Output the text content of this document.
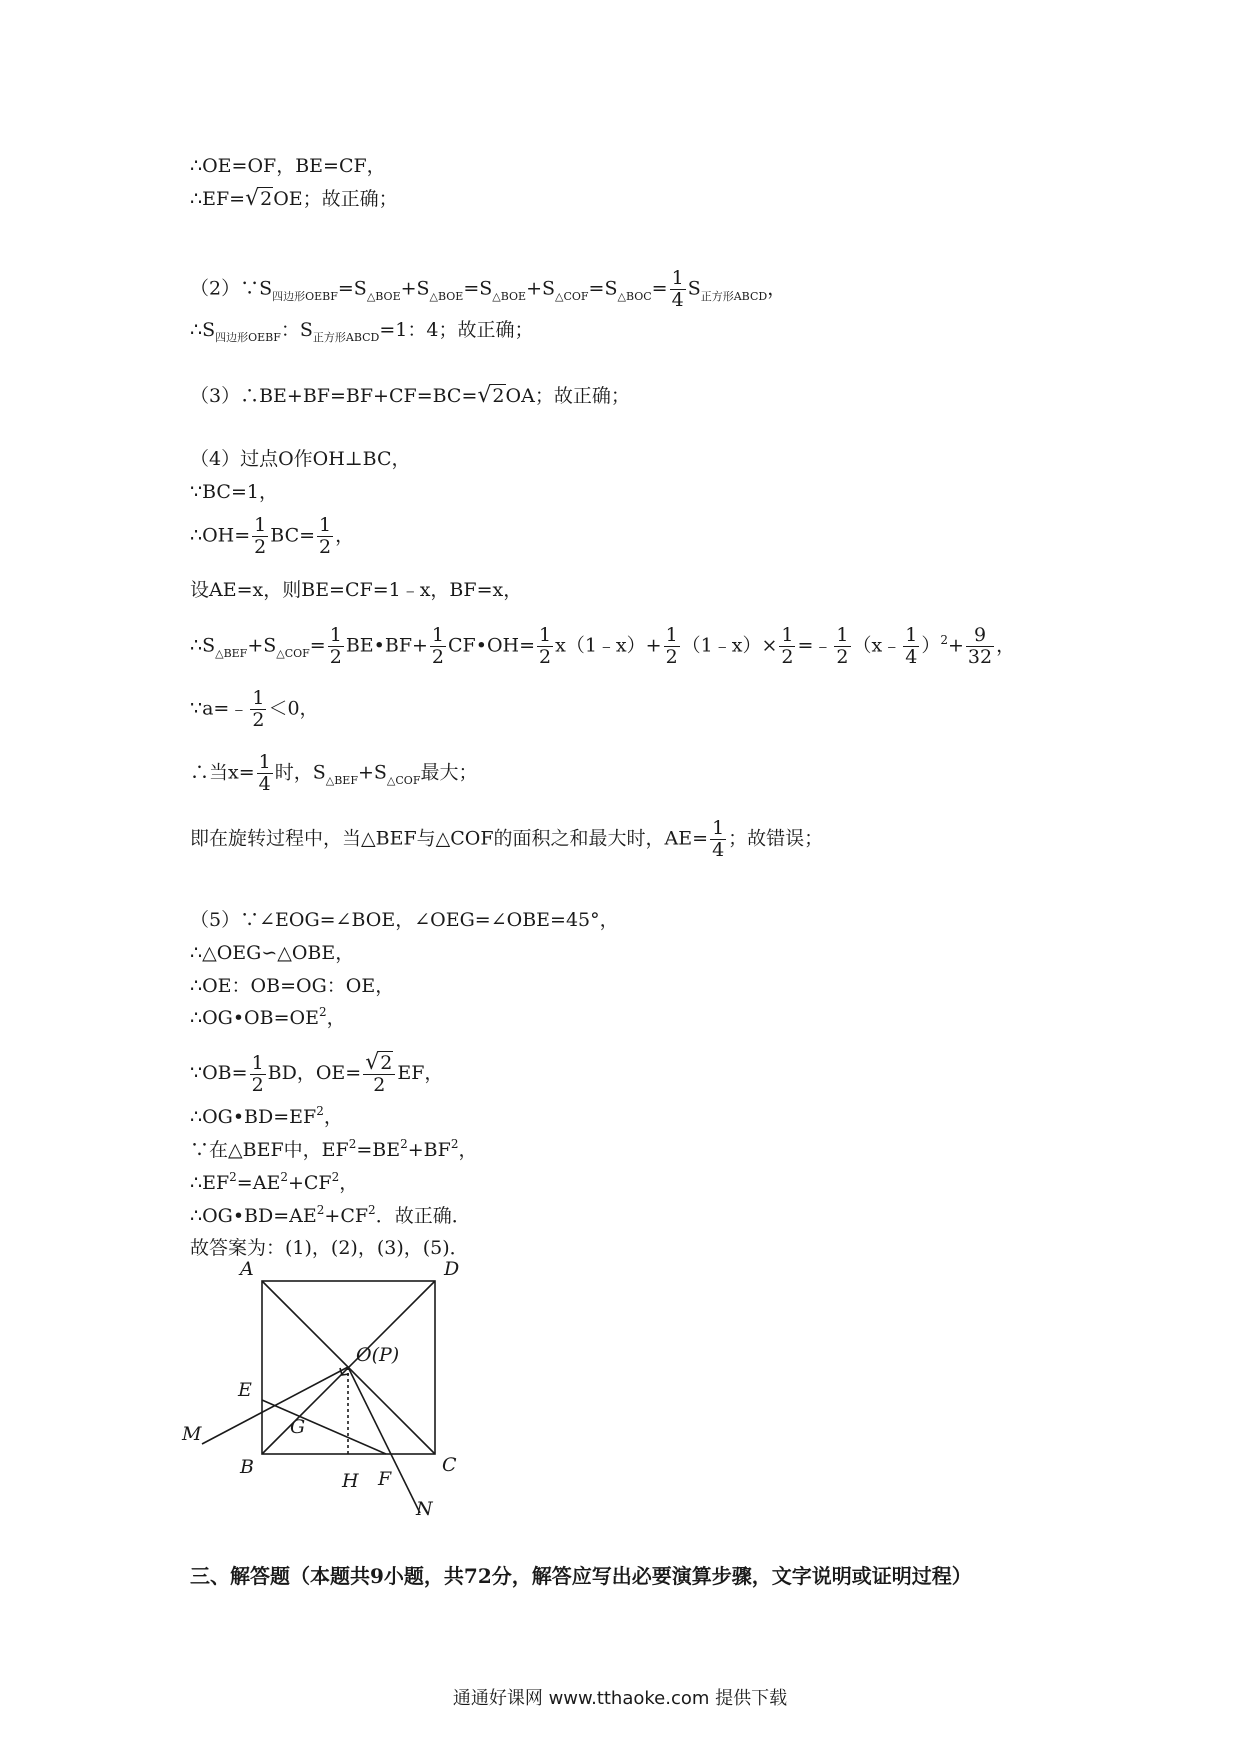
∴OE=OF，BE=CF，
∴EF=√2OE；故正确；
$(2)\because S_{四边形OEBF}=S_{\triangle BOE}+S_{\triangle BOE}=S_{\triangle BOE}+S_{\triangle COF}=S_{\triangle BOC}= \frac{1}{4} S_{正方形ABCD}$，
$\therefore S_{四边形OEBF}$：$S_{正方形ABCD}=1$：4；故正确；
（3）∴BE+BF=BF+CF=BC=√2OA；故正确；
（4）过点O作OH⊥BC，
∵BC=1，
∴OH= $\frac{1}{2} BC= \frac{1}{2}$ ，
设AE=x，则BE=CF=1﹣x，BF=x，
$\therefore S_{\triangle BEF}+S_{\triangle COF}= \frac{1}{2}$ BE•BF+ $\frac{1}{2}$ CF•OH= $\frac{1}{2}$ x（1﹣x）+ $\frac{1}{2}$ （1﹣x）× $\frac{1}{2}$ =﹣ $\frac{1}{2}$ （x﹣ $\frac{1}{4} )^2+ \frac{9}{32}$ ，
∵a=﹣ $\frac{1}{2} <0$，
∴当$x= \frac{1}{4}$ 时，$S_{\triangle BEF}+S_{\triangle COF}$最大；
即在旋转过程中，当△BEF与△COF的面积之和最大时，$AE= \frac{1}{4}$ ；故错误；
（5）∵∠EOG=∠BOE，∠OEG=∠OBE=45°，
∴△OEG∽△OBE，
∴OE：OB=OG：OE，
$\therefore OG•OB=OE^2$，
∵OB= $\frac{1}{2}$ BD，$OE= \frac{√2}{2}$ EF，
$\therefore OG•BD=EF^2$，
∵在△BEF中，$EF^2=BE^2+BF^2$，
$\therefore EF^2=AE^2+CF^2$，
$\therefore OG•BD=AE^2+CF^2$．故正确．
故答案为：(1)，(2)，(3)，(5)．
A	D
O(P)
E
M	G
B
H F
C
N
三、解答题（本题共9小题，共72分，解答应写出必要演算步骤，文字说明或证明过程）
通通好课网 www.tthaoke.com 提供下载
